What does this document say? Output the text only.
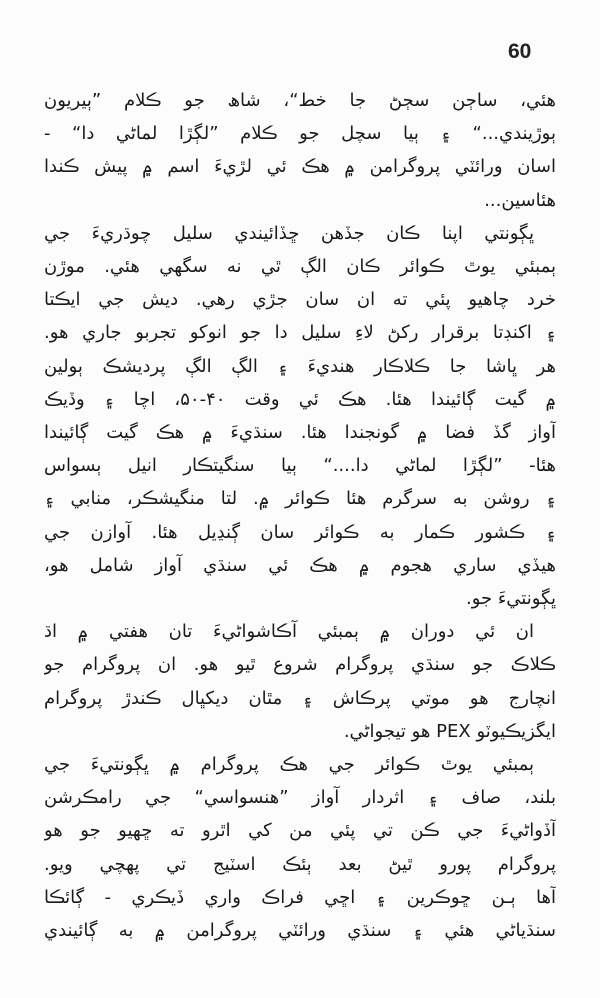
60
ھئي، ساڄن سڄڻ جا خط“، شاھ جو ڪلام ”ٻيريون
ٻوڙيندي...“ ۽ ٻيا سچل جو ڪلام ”لڳڙا لماڻي دا“ -
اسان ورائٽي پروگرامن ۾ ھڪ ئي لڙيءَ اسم ۾ پيش ڪندا
ھئاسين...
ڀڳونتي اپنا ڪان جڏھن ڇڏائيندي سليل چوڌريءَ جي
ٻمبئي يوٿ ڪوائر ڪان الڳ ٿي نه سگھي ھئي. موڙن
خرد چاھيو پئي ته ان سان جڙي رھي. ديش جي ايڪتا
۽ اکنڊتا برقرار رکڻ لاءِ سليل دا جو انوکو تجربو جاري ھو.
ھر ڀاشا جا ڪلاڪار ھنديءَ ۽ الڳ الڳ پرديشڪ ٻولين
۾ گيت ڳائيندا ھئا. ھڪ ئي وقت ۴۰-۵۰، اچا ۽ وڏيڪ
آواز گڏ فضا ۾ گونجندا ھئا. سنڌيءَ ۾ ھڪ گيت ڳائيندا
ھئا- ”لڳڙا لماڻي دا....“ ٻيا سنگيتڪار انيل ٻسواس
۽ روشن به سرگرم ھئا ڪوائر ۾. لتا منگيشڪر، منابي ۽
۽ ڪشور ڪمار به ڪوائر سان ڳنڍيل ھئا. آوازن جي
ھيڏي ساري ھجوم ۾ ھڪ ئي سنڌي آواز شامل ھو،
ڀڳونتيءَ جو.
ان ئي دوران ۾ ٻمبئي آڪاشواڻيءَ تان ھفتي ۾ اڌ
ڪلاڪ جو سنڌي پروگرام شروع ٿيو ھو. ان پروگرام جو
انچارج ھو موتي پرڪاش ۽ مٿان ديکڀال ڪندڙ پروگرام
ايگزيڪيوٽو PEX ھو تيجواڻي.
ٻمبئي يوٿ ڪوائر جي ھڪ پروگرام ۾ ڀڳونتيءَ جي
بلند، صاف ۽ اثردار آواز ”ھنسواسي“ جي رامڪرشن
آڏواڻيءَ جي ڪن تي پئي من کي اٿرو ته ڇھيو جو ھو
پروگرام پورو ٿيڻ بعد ٻئڪ اسٽيج تي پھچي ويو.
آھا ٻـن ڇوڪرين ۽ اڇي فراڪ واري ڏيڪري - ڳائڪا
سنڌياڻي ھئي ۽ سنڌي ورائٽي پروگرامن ۾ به ڳائيندي
